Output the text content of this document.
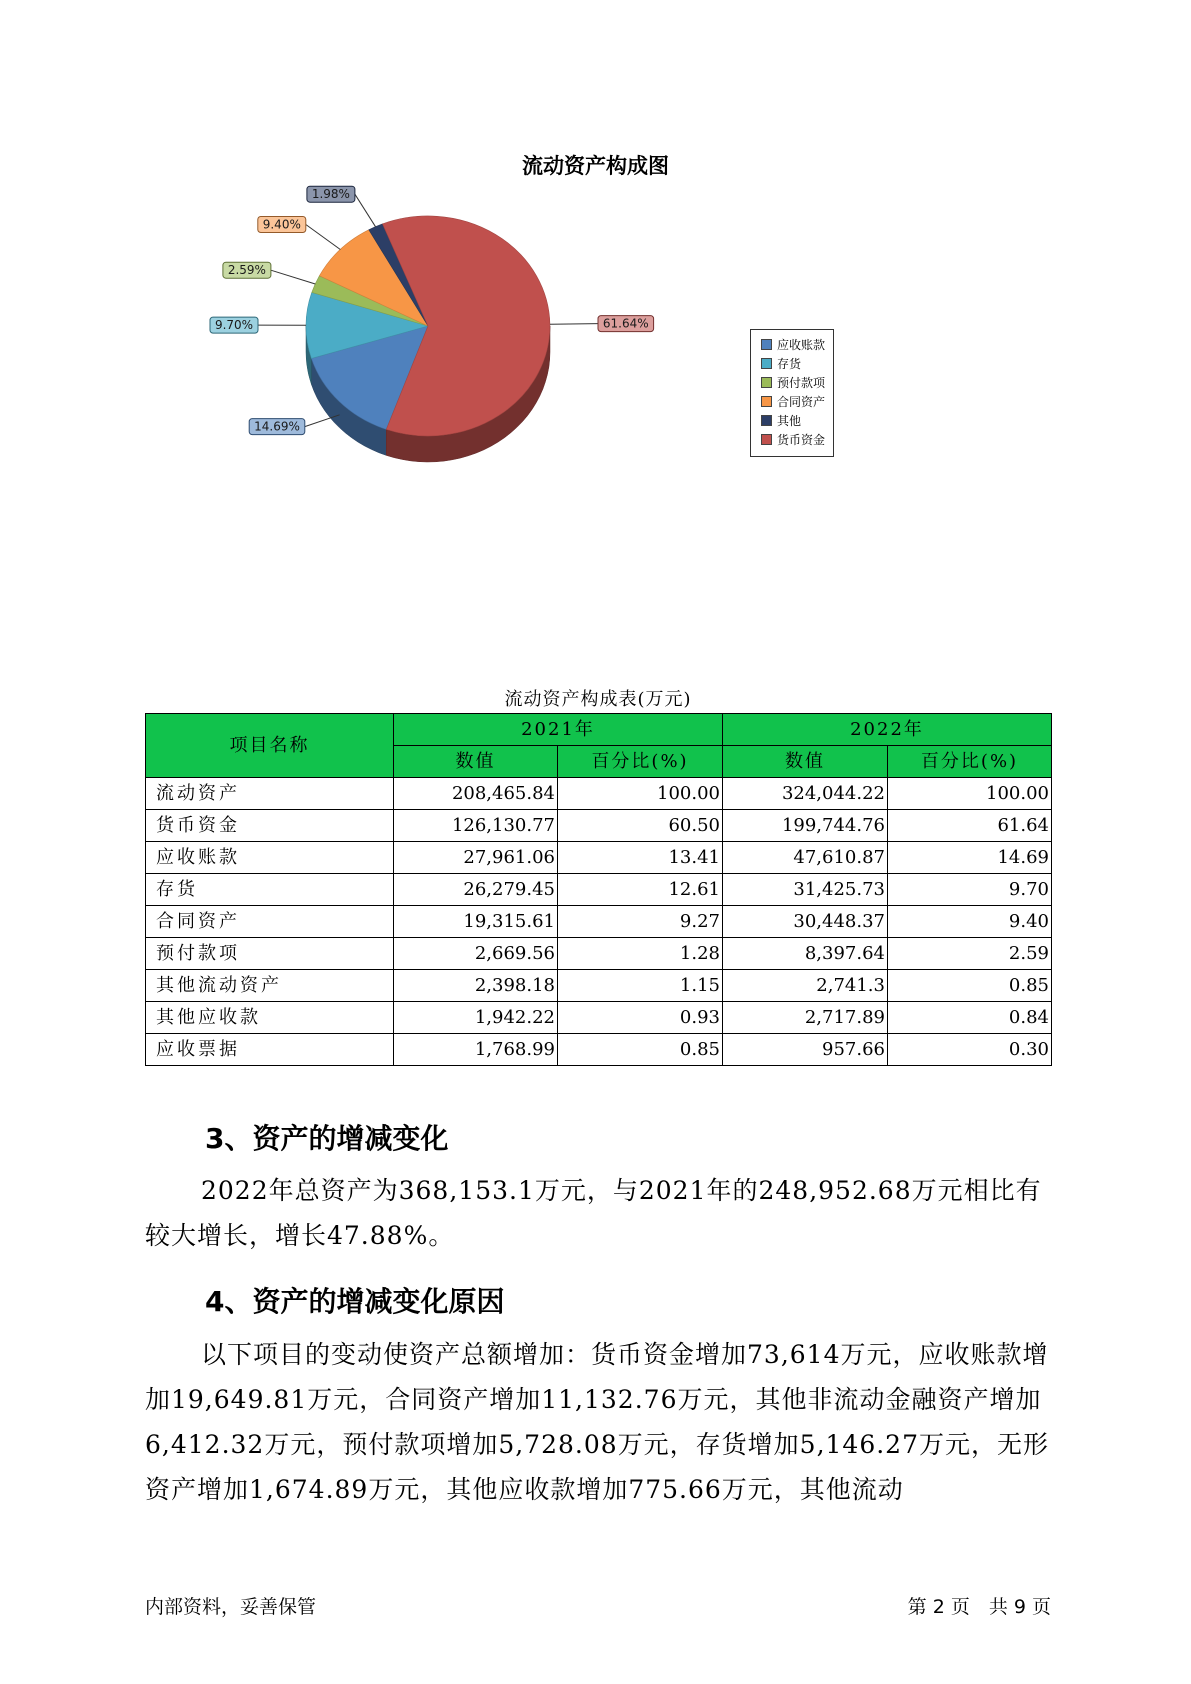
流动资产构成图
14.69%
9.70%
2.59%
9.40%
1.98%
61.64%
应收账款
存货
预付款项
合同资产
其他
货币资金
流动资产构成表(万元)
项目名称	2021年		2022年	
	数值	百分比(%)	数值	百分比(%)
流动资产	208,465.84	100.00	324,044.22	100.00
货币资金	126,130.77	60.50	199,744.76	61.64
应收账款	27,961.06	13.41	47,610.87	14.69
存货	26,279.45	12.61	31,425.73	9.70
合同资产	19,315.61	9.27	30,448.37	9.40
预付款项	2,669.56	1.28	8,397.64	2.59
其他流动资产	2,398.18	1.15	2,741.3	0.85
其他应收款	1,942.22	0.93	2,717.89	0.84
应收票据	1,768.99	0.85	957.66	0.30
3、资产的增减变化
2022年总资产为368,153.1万元，与2021年的248,952.68万元相比有较大增长，增长47.88%。
4、资产的增减变化原因
以下项目的变动使资产总额增加：货币资金增加73,614万元，应收账款增加19,649.81万元，合同资产增加11,132.76万元，其他非流动金融资产增加6,412.32万元，预付款项增加5,728.08万元，存货增加5,146.27万元，无形资产增加1,674.89万元，其他应收款增加775.66万元，其他流动
内部资料，妥善保管	第 2 页　共 9 页
